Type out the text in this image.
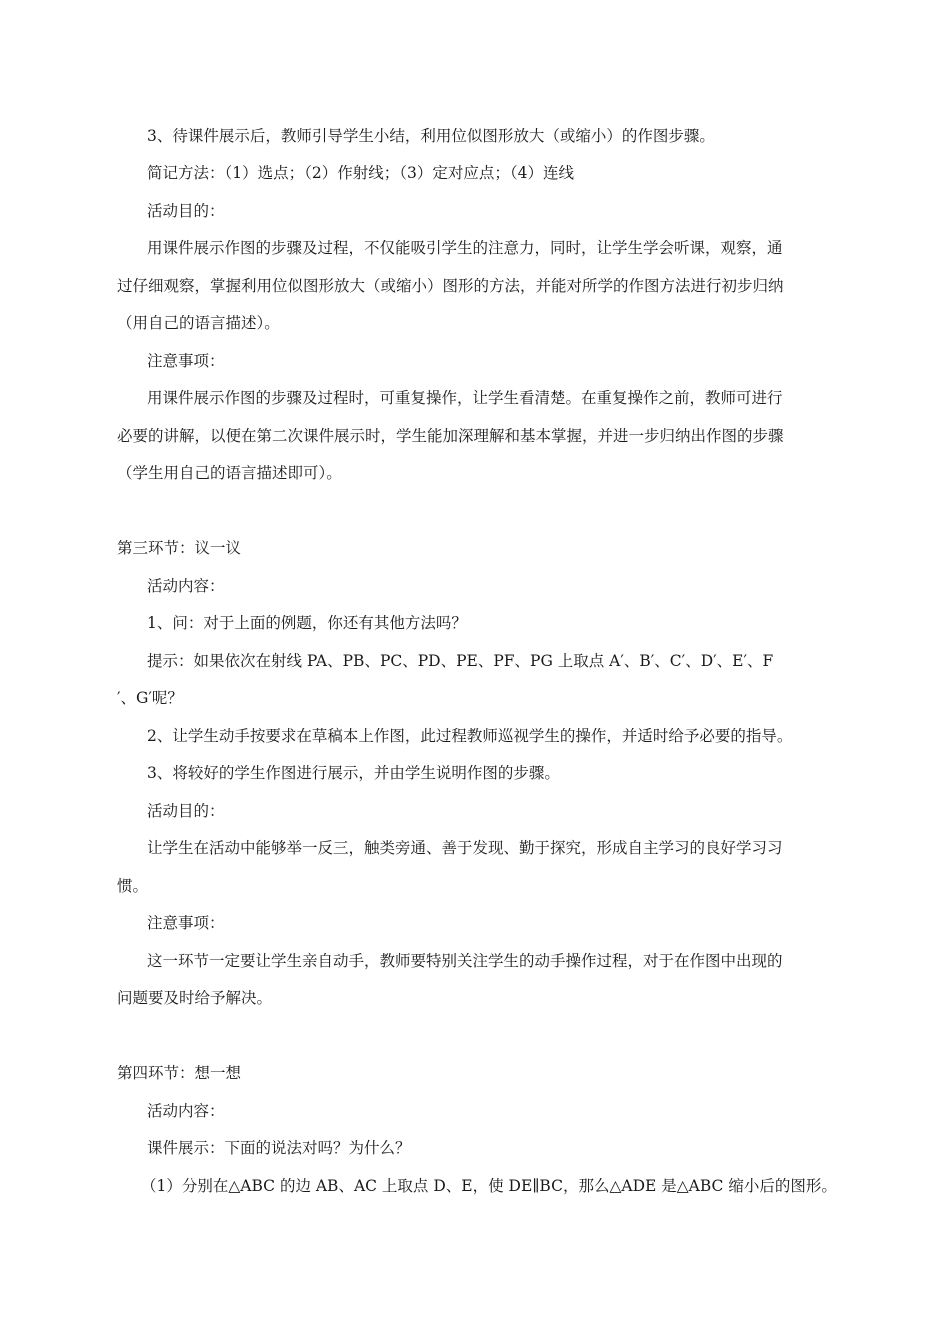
3、待课件展示后，教师引导学生小结，利用位似图形放大（或缩小）的作图步骤。
简记方法：（1）选点；（2）作射线；（3）定对应点；（4）连线
活动目的：
用课件展示作图的步骤及过程，不仅能吸引学生的注意力，同时，让学生学会听课，观察，通
过仔细观察，掌握利用位似图形放大（或缩小）图形的方法，并能对所学的作图方法进行初步归纳
（用自己的语言描述）。
注意事项：
用课件展示作图的步骤及过程时，可重复操作，让学生看清楚。在重复操作之前，教师可进行
必要的讲解，以便在第二次课件展示时，学生能加深理解和基本掌握，并进一步归纳出作图的步骤
（学生用自己的语言描述即可）。
第三环节：议一议
活动内容：
1、问：对于上面的例题，你还有其他方法吗？
提示：如果依次在射线 PA、PB、PC、PD、PE、PF、PG 上取点 A′、B′、C′、D′、E′、F
′、G′呢？
2、让学生动手按要求在草稿本上作图，此过程教师巡视学生的操作，并适时给予必要的指导。
3、将较好的学生作图进行展示，并由学生说明作图的步骤。
活动目的：
让学生在活动中能够举一反三，触类旁通、善于发现、勤于探究，形成自主学习的良好学习习
惯。
注意事项：
这一环节一定要让学生亲自动手，教师要特别关注学生的动手操作过程，对于在作图中出现的
问题要及时给予解决。
第四环节：想一想
活动内容：
课件展示：下面的说法对吗？为什么？
（1）分别在△ABC 的边 AB、AC 上取点 D、E，使 DE∥BC，那么△ADE 是△ABC 缩小后的图形。
